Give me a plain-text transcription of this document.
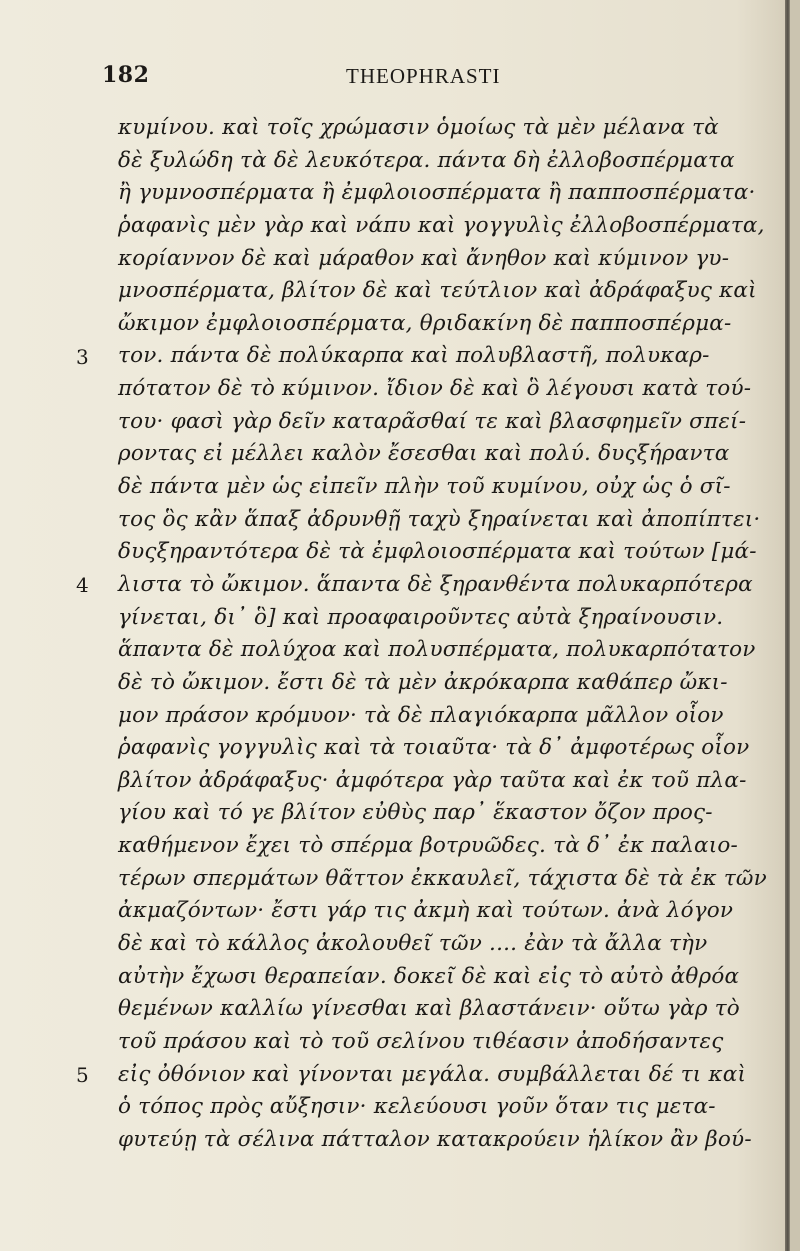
182	THEOPHRASTI
3
4
5
κυμίνου. καὶ τοῖς χρώμασιν ὁμοίως τὰ μὲν μέλανα τὰ
δὲ ξυλώδη τὰ δὲ λευκότερα. πάντα δὴ ἐλλοβοσπέρματα
ἢ γυμνοσπέρματα ἢ ἐμφλοιοσπέρματα ἢ παπποσπέρματα·
ῥαφανὶς μὲν γὰρ καὶ νάπυ καὶ γογγυλὶς ἐλλοβοσπέρματα,
κορίαννον δὲ καὶ μάραθον καὶ ἄνηθον καὶ κύμινον γυ-
μνοσπέρματα, βλίτον δὲ καὶ τεύτλιον καὶ ἀδράφαξυς καὶ
ὤκιμον ἐμφλοιοσπέρματα, θριδακίνη δὲ παπποσπέρμα-
τον. πάντα δὲ πολύκαρπα καὶ πολυβλαστῆ, πολυκαρ-
πότατον δὲ τὸ κύμινον. ἴδιον δὲ καὶ ὃ λέγουσι κατὰ τού-
του· φασὶ γὰρ δεῖν καταρᾶσθαί τε καὶ βλασφημεῖν σπεί-
ροντας εἰ μέλλει καλὸν ἔσεσθαι καὶ πολύ. δυςξήραντα
δὲ πάντα μὲν ὡς εἰπεῖν πλὴν τοῦ κυμίνου, οὐχ ὡς ὁ σῖ-
τος ὃς κἂν ἅπαξ ἀδρυνθῇ ταχὺ ξηραίνεται καὶ ἀποπίπτει·
δυςξηραντότερα δὲ τὰ ἐμφλοιοσπέρματα καὶ τούτων [μά-
λιστα τὸ ὤκιμον. ἅπαντα δὲ ξηρανθέντα πολυκαρπότερα
γίνεται, δι᾽ ὃ] καὶ προαφαιροῦντες αὐτὰ ξηραίνουσιν.
ἅπαντα δὲ πολύχοα καὶ πολυσπέρματα, πολυκαρπότατον
δὲ τὸ ὤκιμον. ἔστι δὲ τὰ μὲν ἀκρόκαρπα καθάπερ ὤκι-
μον πράσον κρόμυον· τὰ δὲ πλαγιόκαρπα μᾶλλον οἷον
ῥαφανὶς γογγυλὶς καὶ τὰ τοιαῦτα· τὰ δ᾽ ἀμφοτέρως οἷον
βλίτον ἀδράφαξυς· ἀμφότερα γὰρ ταῦτα καὶ ἐκ τοῦ πλα-
γίου καὶ τό γε βλίτον εὐθὺς παρ᾽ ἕκαστον ὄζον προς-
καθήμενον ἔχει τὸ σπέρμα βοτρυῶδες. τὰ δ᾽ ἐκ παλαιο-
τέρων σπερμάτων θᾶττον ἐκκαυλεῖ, τάχιστα δὲ τὰ ἐκ τῶν
ἀκμαζόντων· ἔστι γάρ τις ἀκμὴ καὶ τούτων. ἀνὰ λόγον
δὲ καὶ τὸ κάλλος ἀκολουθεῖ τῶν .... ἐὰν τὰ ἄλλα τὴν
αὐτὴν ἔχωσι θεραπείαν. δοκεῖ δὲ καὶ εἰς τὸ αὐτὸ ἀθρόα
θεμένων καλλίω γίνεσθαι καὶ βλαστάνειν· οὕτω γὰρ τὸ
τοῦ πράσου καὶ τὸ τοῦ σελίνου τιθέασιν ἀποδήσαντες
εἰς ὀθόνιον καὶ γίνονται μεγάλα. συμβάλλεται δέ τι καὶ
ὁ τόπος πρὸς αὔξησιν· κελεύουσι γοῦν ὅταν τις μετα-
φυτεύῃ τὰ σέλινα πάτταλον κατακρούειν ἡλίκον ἂν βού-
